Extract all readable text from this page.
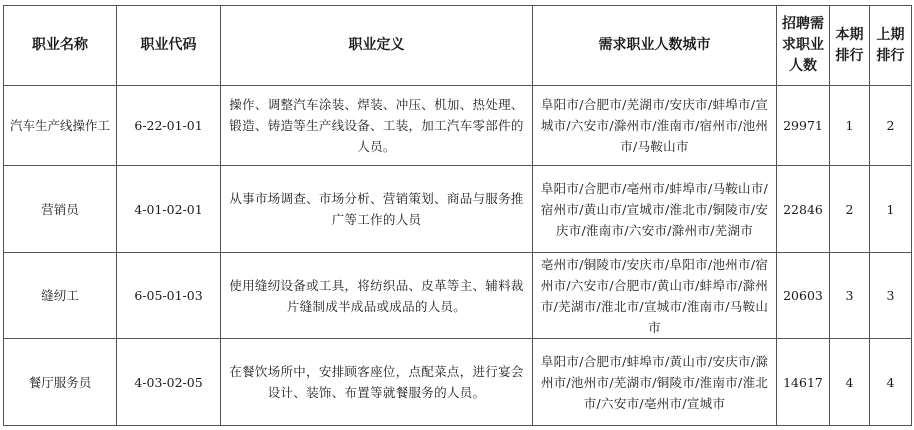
职业名称	职业代码	职业定义	需求职业人数城市	招聘需求职业人数	本期排行	上期排行
汽车生产线操作工	6-22-01-01	操作、调整汽车涂装、焊装、冲压、机加、热处理、锻造、铸造等生产线设备、工装，加工汽车零部件的人员。	阜阳市/合肥市/芜湖市/安庆市/蚌埠市/宣城市/六安市/滁州市/淮南市/宿州市/池州市/马鞍山市	29971	1	2
营销员	4-01-02-01	从事市场调查、市场分析、营销策划、商品与服务推广等工作的人员	阜阳市/合肥市/亳州市/蚌埠市/马鞍山市/宿州市/黄山市/宣城市/淮北市/铜陵市/安庆市/淮南市/六安市/滁州市/芜湖市	22846	2	1
缝纫工	6-05-01-03	使用缝纫设备或工具，将纺织品、皮革等主、辅料裁片缝制成半成品或成品的人员。	亳州市/铜陵市/安庆市/阜阳市/池州市/宿州市/六安市/合肥市/黄山市/蚌埠市/滁州市/芜湖市/淮北市/宣城市/淮南市/马鞍山市	20603	3	3
餐厅服务员	4-03-02-05	在餐饮场所中，安排顾客座位，点配菜点，进行宴会设计、装饰、布置等就餐服务的人员。	阜阳市/合肥市/蚌埠市/黄山市/安庆市/滁州市/池州市/芜湖市/铜陵市/淮南市/淮北市/六安市/亳州市/宣城市	14617	4	4
